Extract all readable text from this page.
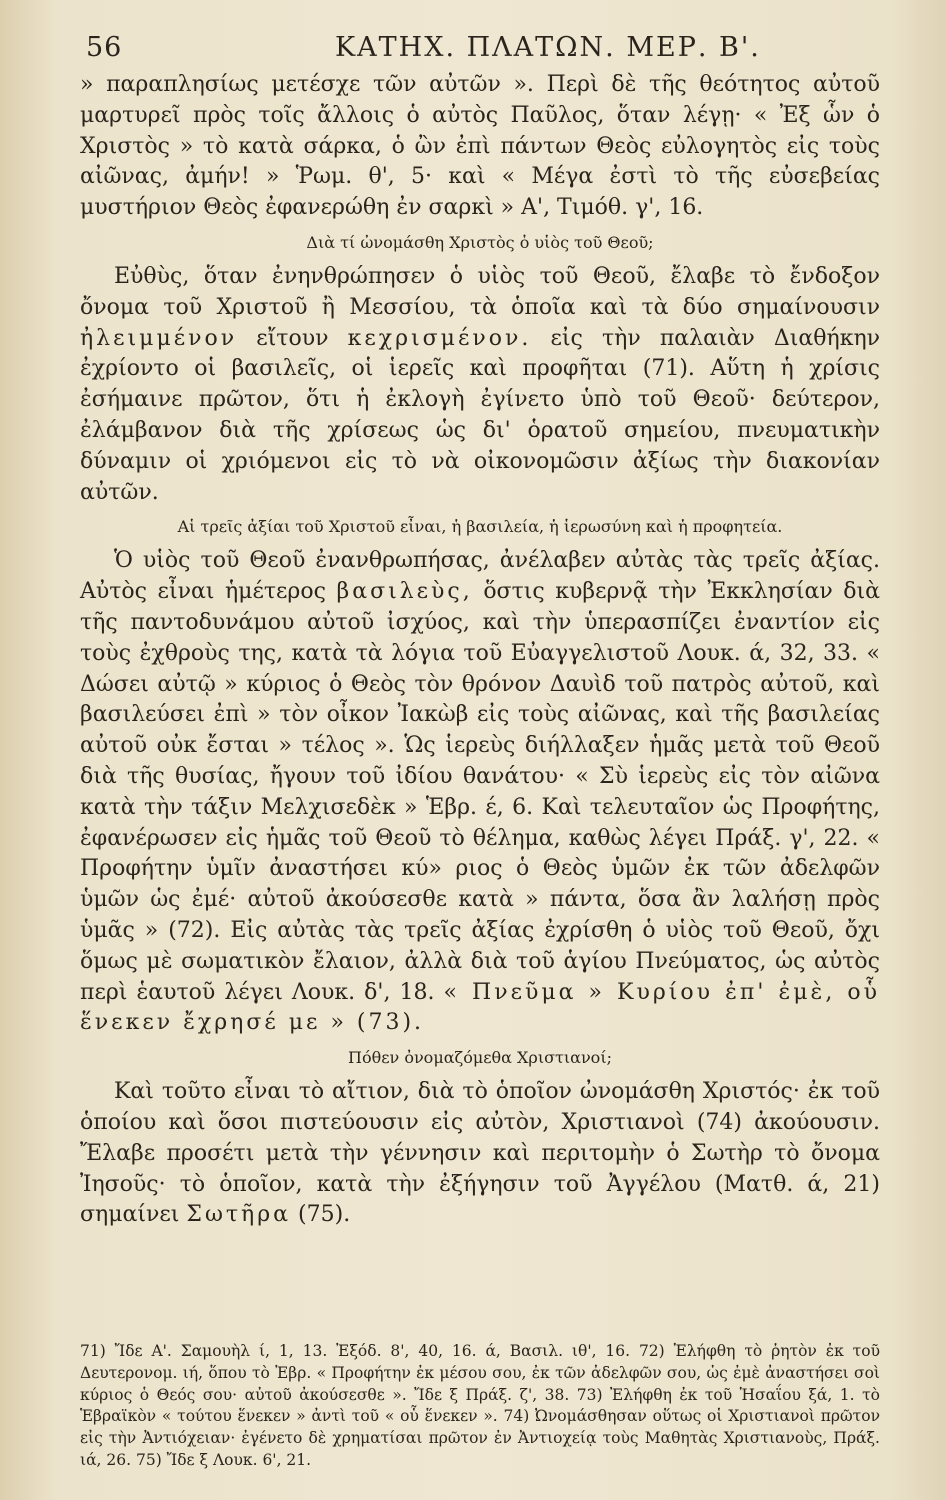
56	ΚΑΤΗΧ. ΠΛΑΤΩΝ. ΜΕΡ. Β'.

» παραπλησίως μετέσχε τῶν αὐτῶν ». Περὶ δὲ τῆς θεότητος αὐτοῦ μαρτυρεῖ πρὸς τοῖς ἄλλοις ὁ αὐτὸς Παῦλος, ὅταν λέγῃ· « Ἐξ ὧν ὁ Χριστὸς » τὸ κατὰ σάρκα, ὁ ὢν ἐπὶ πάντων Θεὸς εὐλογητὸς εἰς τοὺς αἰῶνας, ἀμήν! » Ῥωμ. θ', 5· καὶ « Μέγα ἐστὶ τὸ τῆς εὐσεβείας μυστήριον Θεὸς ἐφανερώθη ἐν σαρκὶ » Α', Τιμόθ. γ', 16.

Διὰ τί ὠνομάσθη Χριστὸς ὁ υἱὸς τοῦ Θεοῦ;

Εὐθὺς, ὅταν ἐνηνθρώπησεν ὁ υἱὸς τοῦ Θεοῦ, ἔλαβε τὸ ἔνδοξον ὄνομα τοῦ Χριστοῦ ἢ Μεσσίου, τὰ ὁποῖα καὶ τὰ δύο σημαίνουσιν ἠλειμμένον εἴτουν κεχρισμένον. εἰς τὴν παλαιὰν Διαθήκην ἐχρίοντο οἱ βασιλεῖς, οἱ ἱερεῖς καὶ προφῆται (71). Αὕτη ἡ χρίσις ἐσήμαινε πρῶτον, ὅτι ἡ ἐκλογὴ ἐγίνετο ὑπὸ τοῦ Θεοῦ· δεύτερον, ἐλάμβανον διὰ τῆς χρίσεως ὡς δι' ὁρατοῦ σημείου, πνευματικὴν δύναμιν οἱ χριόμενοι εἰς τὸ νὰ οἰκονομῶσιν ἀξίως τὴν διακονίαν αὐτῶν.

Αἱ τρεῖς ἀξίαι τοῦ Χριστοῦ εἶναι, ἡ βασιλεία, ἡ ἱερωσύνη καὶ ἡ προφητεία.

Ὁ υἱὸς τοῦ Θεοῦ ἐνανθρωπήσας, ἀνέλαβεν αὐτὰς τὰς τρεῖς ἀξίας. Αὐτὸς εἶναι ἡμέτερος βασιλεὺς, ὅστις κυβερνᾷ τὴν Ἐκκλησίαν διὰ τῆς παντοδυνάμου αὐτοῦ ἰσχύος, καὶ τὴν ὑπερασπίζει ἐναντίον εἰς τοὺς ἐχθροὺς της, κατὰ τὰ λόγια τοῦ Εὐαγγελιστοῦ Λουκ. ά, 32, 33. « Δώσει αὐτῷ » κύριος ὁ Θεὸς τὸν θρόνον Δαυὶδ τοῦ πατρὸς αὐτοῦ, καὶ βασιλεύσει ἐπὶ » τὸν οἶκον Ἰακὼβ εἰς τοὺς αἰῶνας, καὶ τῆς βασιλείας αὐτοῦ οὐκ ἔσται » τέλος ». Ὡς ἱερεὺς διήλλαξεν ἡμᾶς μετὰ τοῦ Θεοῦ διὰ τῆς θυσίας, ἤγουν τοῦ ἰδίου θανάτου· « Σὺ ἱερεὺς εἰς τὸν αἰῶνα κατὰ τὴν τάξιν Μελχισεδὲκ » Ἑβρ. έ, 6. Καὶ τελευταῖον ὡς Προφήτης, ἐφανέρωσεν εἰς ἡμᾶς τοῦ Θεοῦ τὸ θέλημα, καθὼς λέγει Πράξ. γ', 22. « Προφήτην ὑμῖν ἀναστήσει κύ» ριος ὁ Θεὸς ὑμῶν ἐκ τῶν ἀδελφῶν ὑμῶν ὡς ἐμέ· αὐτοῦ ἀκούσεσθε κατὰ » πάντα, ὅσα ἂν λαλήσῃ πρὸς ὑμᾶς » (72). Εἰς αὐτὰς τὰς τρεῖς ἀξίας ἐχρίσθη ὁ υἱὸς τοῦ Θεοῦ, ὄχι ὅμως μὲ σωματικὸν ἔλαιον, ἀλλὰ διὰ τοῦ ἁγίου Πνεύματος, ὡς αὐτὸς περὶ ἑαυτοῦ λέγει Λουκ. δ', 18. « Πνεῦμα » Κυρίου ἐπ' ἐμὲ, οὗ ἕνεκεν ἔχρησέ με » (73).

Πόθεν ὀνομαζόμεθα Χριστιανοί;

Καὶ τοῦτο εἶναι τὸ αἴτιον, διὰ τὸ ὁποῖον ὠνομάσθη Χριστός· ἐκ τοῦ ὁποίου καὶ ὅσοι πιστεύουσιν εἰς αὐτὸν, Χριστιανοὶ (74) ἀκούουσιν. Ἔλαβε προσέτι μετὰ τὴν γέννησιν καὶ περιτομὴν ὁ Σωτὴρ τὸ ὄνομα Ἰησοῦς· τὸ ὁποῖον, κατὰ τὴν ἐξήγησιν τοῦ Ἀγγέλου (Ματθ. ά, 21) σημαίνει Σωτῆρα (75).

71) Ἴδε Α'. Σαμουὴλ ί, 1, 13. Ἐξόδ. 8', 40, 16. ά, Βασιλ. ιθ', 16. 72) Ἐλήφθη τὸ ῥητὸν ἐκ τοῦ Δευτερονομ. ιή, ὅπου τὸ Ἑβρ. « Προφήτην ἐκ μέσου σου, ἐκ τῶν ἀδελφῶν σου, ὡς ἐμὲ ἀναστήσει σοὶ κύριος ὁ Θεός σου· αὐτοῦ ἀκούσεσθε ». Ἴδε ξ Πράξ. ζ', 38. 73) Ἐλήφθη ἐκ τοῦ Ἡσαΐου ξά, 1. τὸ Ἑβραϊκὸν « τούτου ἕνεκεν » ἀντὶ τοῦ « οὗ ἕνεκεν ». 74) Ὠνομάσθησαν οὕτως οἱ Χριστιανοὶ πρῶτον εἰς τὴν Ἀντιόχειαν· ἐγένετο δὲ χρηματίσαι πρῶτον ἐν Ἀντιοχείᾳ τοὺς Μαθητὰς Χριστιανοὺς, Πράξ. ιά, 26. 75) Ἴδε ξ Λουκ. 6', 21.
